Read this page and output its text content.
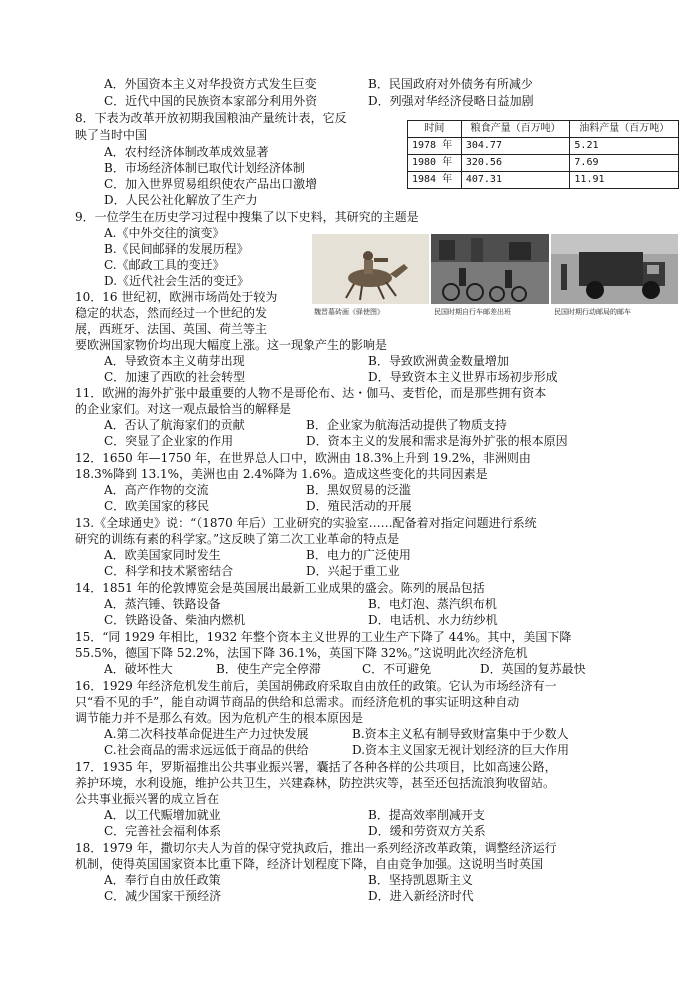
A．外国资本主义对华投资方式发生巨变	B．民国政府对外债务有所减少
C．近代中国的民族资本家部分利用外资	D．列强对华经济侵略日益加剧
8．下表为改革开放初期我国粮油产量统计表，它反
映了当时中国
A．农村经济体制改革成效显著
B．市场经济体制已取代计划经济体制
C．加入世界贸易组织使农产品出口激增
D．人民公社化解放了生产力
时间	粮食产量（百万吨）	油料产量（百万吨）
1978 年	304.77	5.21
1980 年	320.56	7.69
1984 年	407.31	11.91
9．一位学生在历史学习过程中搜集了以下史料，其研究的主题是
A.《中外交往的演变》
B.《民间邮驿的发展历程》
C.《邮政工具的变迁》
D.《近代社会生活的变迁》
魏晋墓砖画《驿使图》	民国时期自行车邮差出班	民国时期行动邮局的邮车
10．16 世纪初，欧洲市场尚处于较为
稳定的状态，然而经过一个世纪的发
展，西班牙、法国、英国、荷兰等主
要欧洲国家物价均出现大幅度上涨。这一现象产生的影响是
A．导致资本主义萌芽出现	B．导致欧洲黄金数量增加
C．加速了西欧的社会转型	D．导致资本主义世界市场初步形成
11．欧洲的海外扩张中最重要的人物不是哥伦布、达・伽马、麦哲伦，而是那些拥有资本
的企业家们。对这一观点最恰当的解释是
A．否认了航海家们的贡献	B．企业家为航海活动提供了物质支持
C．突显了企业家的作用	D．资本主义的发展和需求是海外扩张的根本原因
12．1650 年—1750 年，在世界总人口中，欧洲由 18.3%上升到 19.2%，非洲则由
18.3%降到 13.1%，美洲也由 2.4%降为 1.6%。造成这些变化的共同因素是
A．高产作物的交流	B．黑奴贸易的泛滥
C．欧美国家的移民	D．殖民活动的开展
13.《全球通史》说：“（1870 年后）工业研究的实验室……配备着对指定问题进行系统
研究的训练有素的科学家。”这反映了第二次工业革命的特点是
A．欧美国家同时发生	B．电力的广泛使用
C．科学和技术紧密结合	D．兴起于重工业
14．1851 年的伦敦博览会是英国展出最新工业成果的盛会。陈列的展品包括
A．蒸汽锤、铁路设备	B．电灯泡、蒸汽织布机
C．铁路设备、柴油内燃机	D．电话机、水力纺纱机
15．“同 1929 年相比，1932 年整个资本主义世界的工业生产下降了 44%。其中，美国下降
55.5%，德国下降 52.2%，法国下降 36.1%，英国下降 32%。”这说明此次经济危机
A．破坏性大	B．使生产完全停滞	C．不可避免	D．英国的复苏最快
16．1929 年经济危机发生前后，美国胡佛政府采取自由放任的政策。它认为市场经济有一
只“看不见的手”，能自动调节商品的供给和总需求。而经济危机的事实证明这种自动
调节能力并不是那么有效。因为危机产生的根本原因是
A.第二次科技革命促进生产力过快发展	B.资本主义私有制导致财富集中于少数人
C.社会商品的需求远远低于商品的供给	D.资本主义国家无视计划经济的巨大作用
17．1935 年，罗斯福推出公共事业振兴署，囊括了各种各样的公共项目，比如高速公路，
养护环境，水利设施，维护公共卫生，兴建森林，防控洪灾等，甚至还包括流浪狗收留站。
公共事业振兴署的成立旨在
A．以工代赈增加就业	B．提高效率削减开支
C．完善社会福利体系	D．缓和劳资双方关系
18．1979 年，撒切尔夫人为首的保守党执政后，推出一系列经济改革政策，调整经济运行
机制，使得英国国家资本比重下降，经济计划程度下降，自由竞争加强。这说明当时英国
A．奉行自由放任政策	B．坚持凯恩斯主义
C．减少国家干预经济	D．进入新经济时代
